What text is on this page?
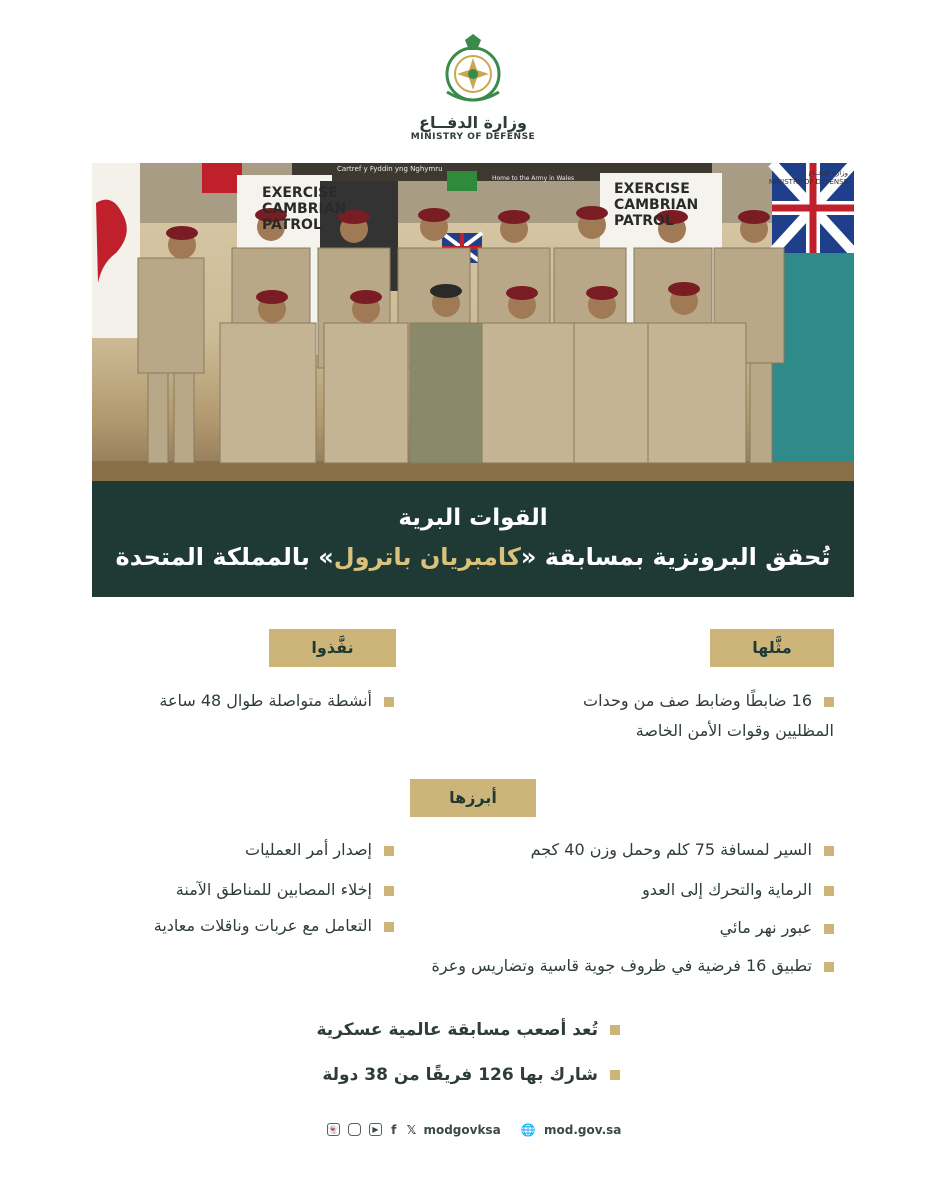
وزارة الدفــاع
MINISTRY OF DEFENSE
EXERCISE
CAMBRIAN
PATROL
EXERCISE
CAMBRIAN
PATROL
Cartref y Fyddin yng Nghymru
Home to the Army in Wales
وزارة الدفــاع
MINISTRY OF DEFENSE
القوات البرية
تُحقق البرونزية بمسابقة «كامبريان باترول» بالمملكة المتحدة
مثَّلها
نفَّذوا
أبرزها
16 ضابطًا وضابط صف من وحدات المظليين وقوات الأمن الخاصة
أنشطة متواصلة طوال 48 ساعة
السير لمسافة 75 كلم وحمل وزن 40 كجم
الرماية والتحرك إلى العدو
عبور نهر مائي
تطبيق 16 فرضية في ظروف جوية قاسية وتضاريس وعرة
إصدار أمر العمليات
إخلاء المصابين للمناطق الآمنة
التعامل مع عربات وناقلات معادية
تُعد أصعب مسابقة عالمية عسكرية
شارك بها 126 فريقًا من 38 دولة
👻	▶ f 𝕏 modgovksa 🌐 mod.gov.sa
